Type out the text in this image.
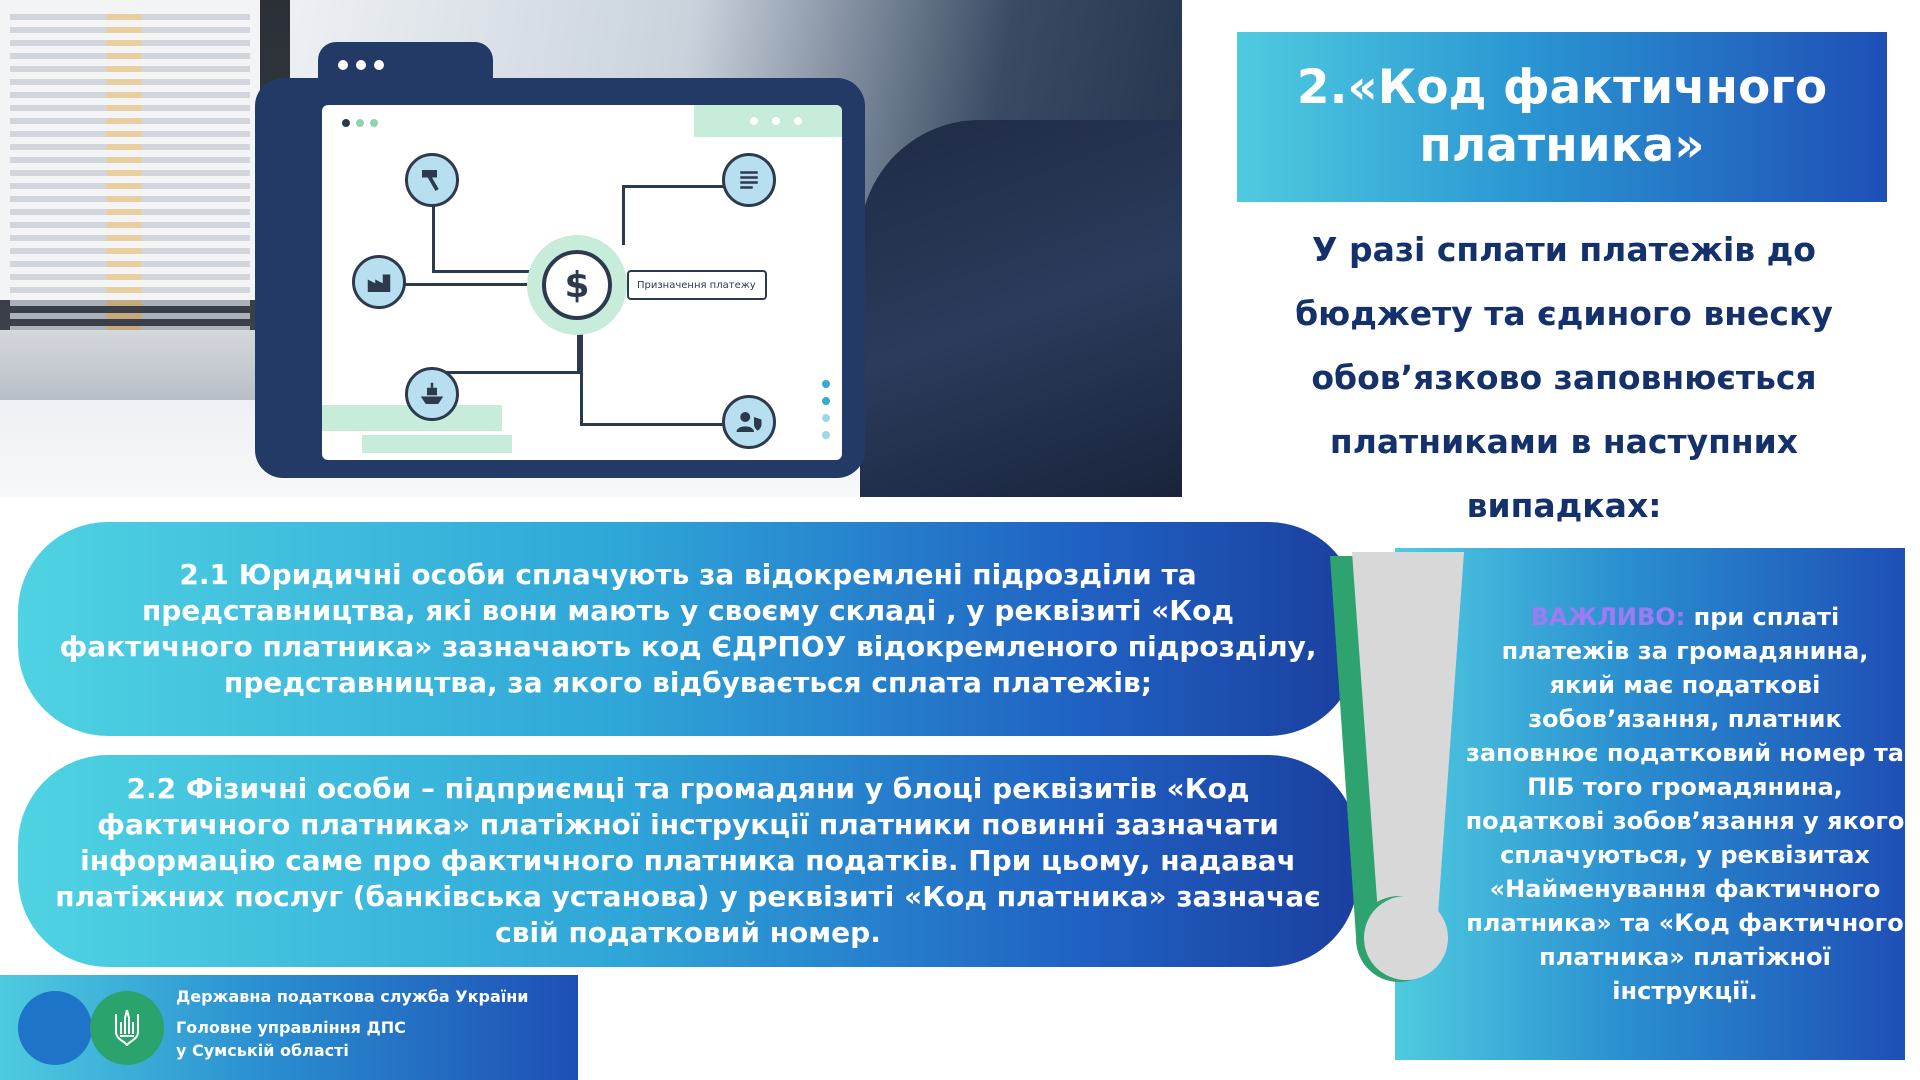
$	Призначення платежу
2.«Код фактичного платника»
У разі сплати платежів до бюджету та єдиного внеску обов’язково заповнюється платниками в наступних випадках:
2.1 Юридичні особи сплачують за відокремлені підрозділи та представництва, які вони мають у своєму складі , у реквізиті «Код фактичного платника» зазначають код ЄДРПОУ відокремленого підрозділу, представництва, за якого відбувається сплата платежів;
2.2 Фізичні особи – підприємці та громадяни у блоці реквізитів «Код фактичного платника» платіжної інструкції платники повинні зазначати інформацію саме про фактичного платника податків. При цьому, надавач платіжних послуг (банківська установа) у реквізиті «Код платника» зазначає свій податковий номер.
ВАЖЛИВО: при сплаті платежів за громадянина, який має податкові зобов’язання, платник заповнює податковий номер та ПІБ того громадянина, податкові зобов’язання у якого сплачуються, у реквізитах «Найменування фактичного платника» та «Код фактичного платника» платіжної інструкції.
Державна податкова служба України
Головне управління ДПС
у Сумській області
